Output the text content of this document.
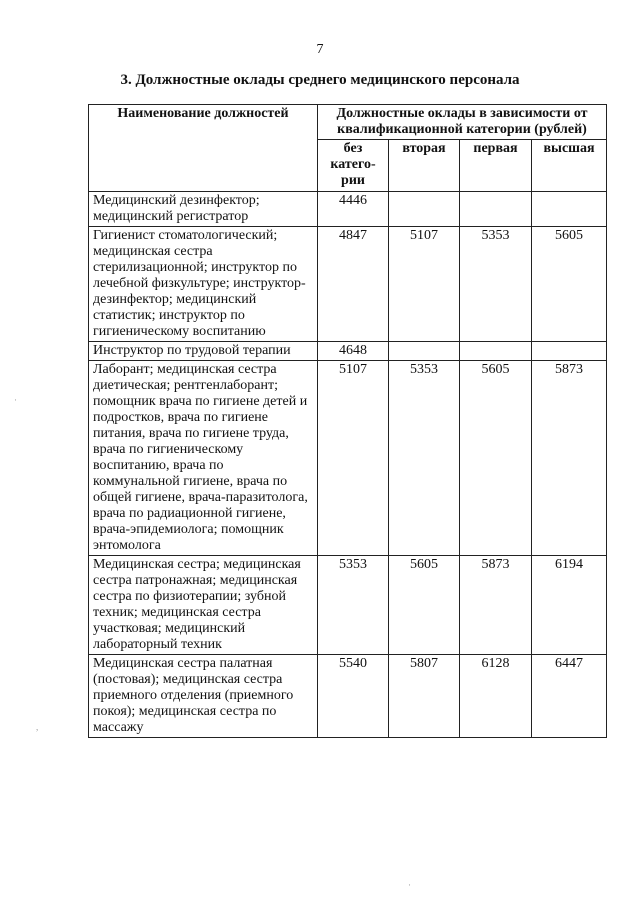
7
3. Должностные оклады среднего медицинского персонала
Наименование должностей	Должностные оклады в зависимости от квалификационной категории (рублей)			
	без катего-рии	вторая	первая	высшая
Медицинский дезинфектор; медицинский регистратор	4446			
Гигиенист стоматологический; медицинская сестра стерилизационной; инструктор по лечебной физкультуре; инструктор-дезинфектор; медицинский статистик; инструктор по гигиеническому воспитанию	4847	5107	5353	5605
Инструктор по трудовой терапии	4648			
Лаборант; медицинская сестра диетическая; рентгенлаборант; помощник врача по гигиене детей и подростков, врача по гигиене питания, врача по гигиене труда, врача по гигиеническому воспитанию, врача по коммунальной гигиене, врача по общей гигиене, врача-паразитолога, врача по радиационной гигиене, врача-эпидемиолога; помощник энтомолога	5107	5353	5605	5873
Медицинская сестра; медицинская сестра патронажная; медицинская сестра по физиотерапии; зубной техник; медицинская сестра участковая; медицинский лабораторный техник	5353	5605	5873	6194
Медицинская сестра палатная (постовая); медицинская сестра приемного отделения (приемного покоя); медицинская сестра по массажу	5540	5807	6128	6447
·
,
·
